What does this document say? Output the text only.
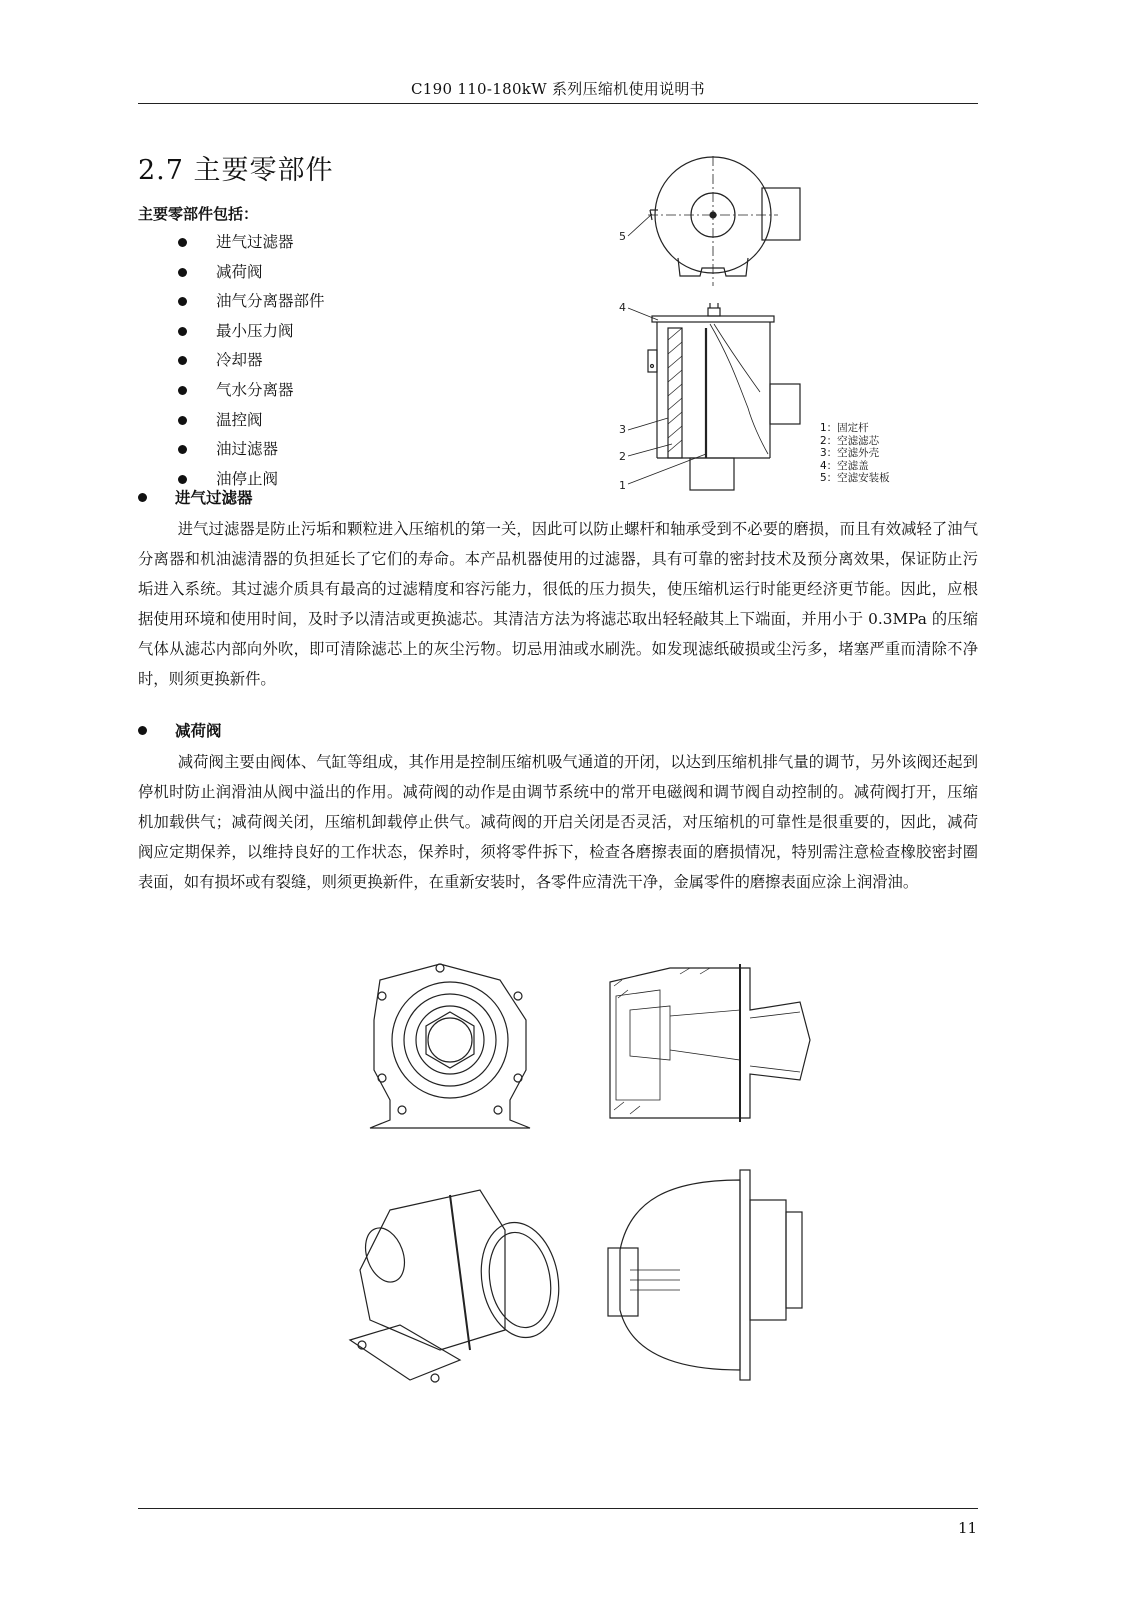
C190 110-180kW 系列压缩机使用说明书
2.7 主要零部件
主要零部件包括：
进气过滤器
减荷阀
油气分离器部件
最小压力阀
冷却器
气水分离器
温控阀
油过滤器
油停止阀
5
4
3
2
1
1：固定杆
2：空滤滤芯
3：空滤外壳
4：空滤盖
5：空滤安装板
进气过滤器

进气过滤器是防止污垢和颗粒进入压缩机的第一关，因此可以防止螺杆和轴承受到不必要的磨损，而且有效减轻了油气分离器和机油滤清器的负担延长了它们的寿命。本产品机器使用的过滤器，具有可靠的密封技术及预分离效果，保证防止污垢进入系统。其过滤介质具有最高的过滤精度和容污能力，很低的压力损失，使压缩机运行时能更经济更节能。因此，应根据使用环境和使用时间，及时予以清洁或更换滤芯。其清洁方法为将滤芯取出轻轻敲其上下端面，并用小于 0.3MPa 的压缩气体从滤芯内部向外吹，即可清除滤芯上的灰尘污物。切忌用油或水刷洗。如发现滤纸破损或尘污多，堵塞严重而清除不净时，则须更换新件。

减荷阀

减荷阀主要由阀体、气缸等组成，其作用是控制压缩机吸气通道的开闭，以达到压缩机排气量的调节，另外该阀还起到停机时防止润滑油从阀中溢出的作用。减荷阀的动作是由调节系统中的常开电磁阀和调节阀自动控制的。减荷阀打开，压缩机加载供气；减荷阀关闭，压缩机卸载停止供气。减荷阀的开启关闭是否灵活，对压缩机的可靠性是很重要的，因此，减荷阀应定期保养，以维持良好的工作状态，保养时，须将零件拆下，检查各磨擦表面的磨损情况，特别需注意检查橡胶密封圈表面，如有损坏或有裂缝，则须更换新件，在重新安装时，各零件应清洗干净，金属零件的磨擦表面应涂上润滑油。

11
